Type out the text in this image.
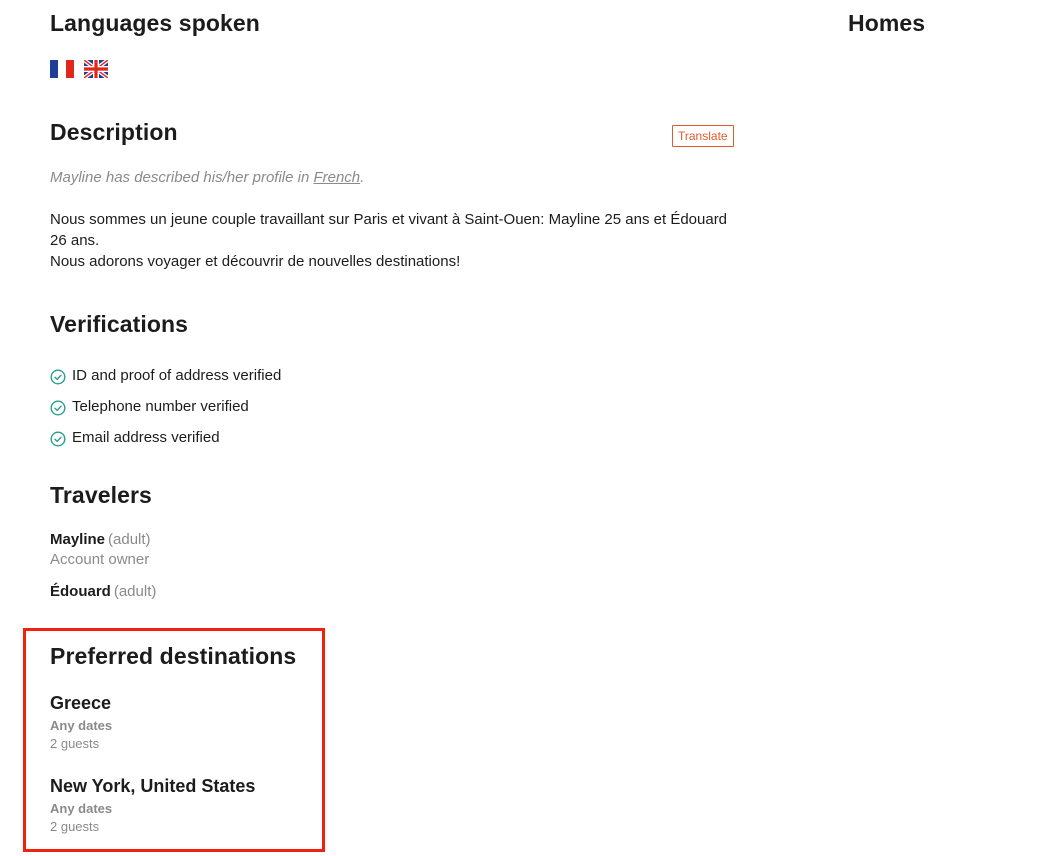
Languages spoken
Description	Translate
Mayline has described his/her profile in French.

Nous sommes un jeune couple travaillant sur Paris et vivant à Saint-Ouen: Mayline 25 ans et Édouard 26 ans.

Nous adorons voyager et découvrir de nouvelles destinations!

Verifications
ID and proof of address verified
Telephone number verified
Email address verified
Travelers
Mayline (adult)
Account owner
Édouard (adult)
Preferred destinations
Greece
Any dates
2 guests
New York, United States
Any dates
2 guests
Homes
